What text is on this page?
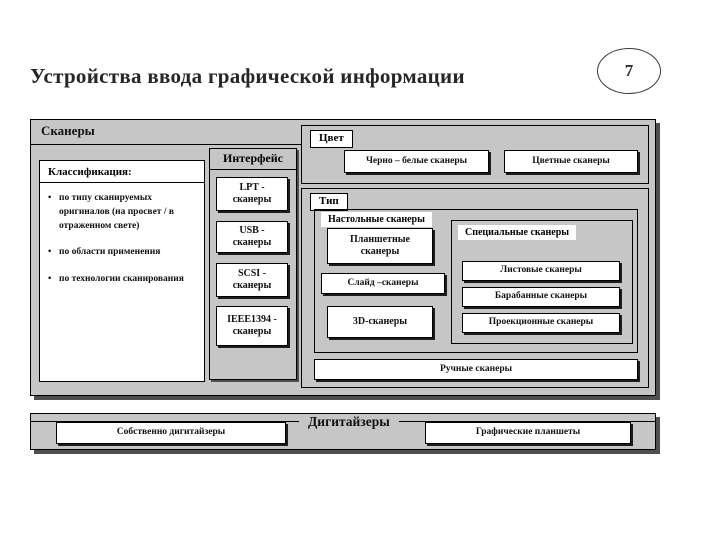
Устройства ввода графической информации	7
Сканеры
Классификация:
• по типу сканируемых оригиналов (на просвет / в отраженном свете)
• по области применения
• по технологии сканирования
Интерфейс
LPT - сканеры
USB - сканеры
SCSI - сканеры
IEEE1394 - сканеры
Цвет
Черно – белые сканеры	Цветные сканеры
Тип
Настольные сканеры
Планшетные сканеры
Слайд –сканеры
3D-сканеры
Специальные сканеры
Листовые сканеры
Барабанные сканеры
Проекционные сканеры
Ручные сканеры
Дигитайзеры
Собственно дигитайзеры	Графические планшеты
